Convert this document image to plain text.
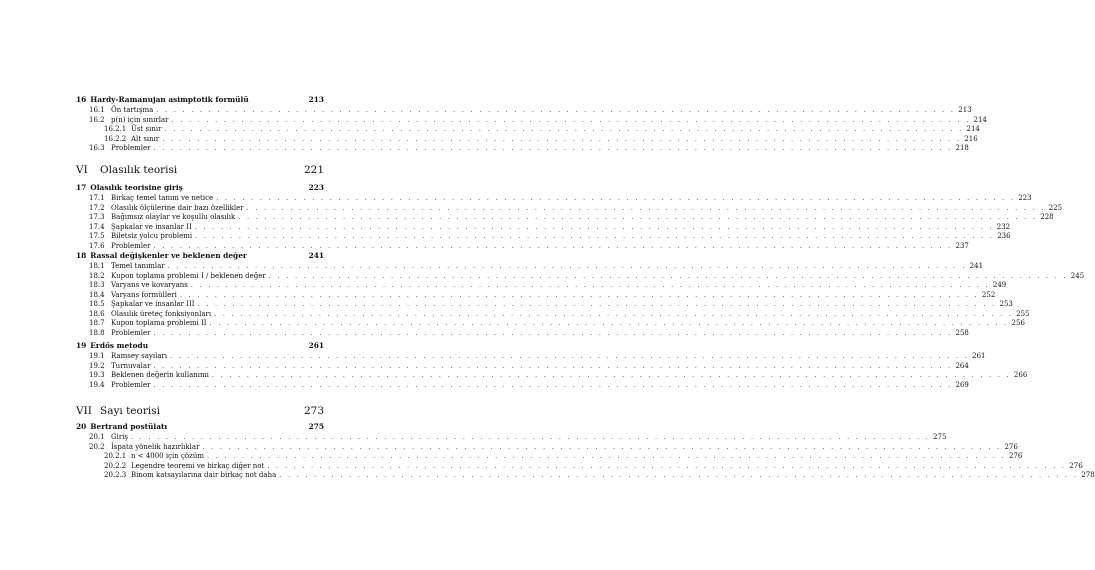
16 Hardy-Ramanujan asimptotik formülü	213
16.1 Ön tartışma . . .	213
16.2 p(n) için sınırlar . . .	214
16.2.1 Üst sınır . . .	214
16.2.2 Alt sınır . . .	216
16.3 Problemler . . .	218
VI	Olasılık teorisi	221
17 Olasılık teorisine giriş	223
17.1 Birkaç temel tanım ve netice . . .	223
17.2 Olasılık ölçülerine dair bazı özellikler . . .	225
17.3 Bağımsız olaylar ve koşullu olasılık . . .	228
17.4 Şapkalar ve insanlar II . . .	232
17.5 Biletsiz yolcu problemi . . .	236
17.6 Problemler . . .	237
18 Rassal değişkenler ve beklenen değer	241
18.1 Temel tanımlar . . .	241
18.2 Kupon toplama problemi I / beklenen değer . . .	245
18.3 Varyans ve kovaryans . . .	249
18.4 Varyans formülleri . . .	252
18.5 Şapkalar ve insanlar III . . .	253
18.6 Olasılık üreteç fonksiyonları . . .	255
18.7 Kupon toplama problemi II . . .	256
18.8 Problemler . . .	258
19 Erdős metodu	261
19.1 Ramsey sayıları . . .	261
19.2 Turnuvalar . . .	264
19.3 Beklenen değerin kullanımı . . .	266
19.4 Problemler . . .	269
VII Sayı teorisi	273
20 Bertrand postülatı	275
20.1 Giriş . . .	275
20.2 İspata yönelik hazırlıklar . . .	276
20.2.1 n < 4000 için çözüm . . .	276
20.2.2 Legendre teoremi ve birkaç diğer not . . .	276
20.2.3 Binom katsayılarına dair birkaç not daha . . .	278
